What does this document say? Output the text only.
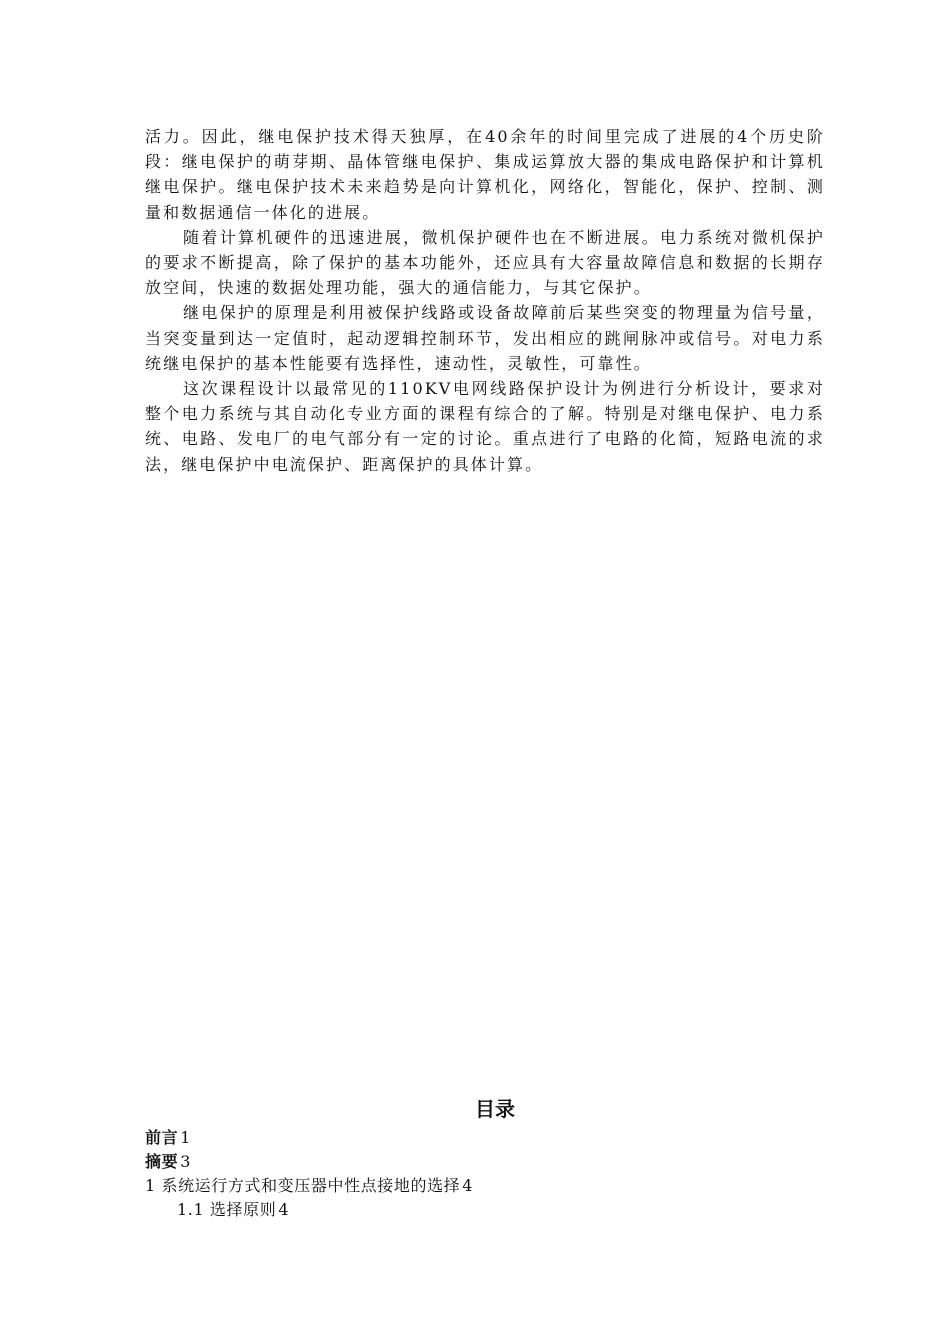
活力。因此，继电保护技术得天独厚，在40余年的时间里完成了进展的4个历史阶段：继电保护的萌芽期、晶体管继电保护、集成运算放大器的集成电路保护和计算机继电保护。继电保护技术未来趋势是向计算机化，网络化，智能化，保护、控制、测量和数据通信一体化的进展。

随着计算机硬件的迅速进展，微机保护硬件也在不断进展。电力系统对微机保护的要求不断提高，除了保护的基本功能外，还应具有大容量故障信息和数据的长期存放空间，快速的数据处理功能，强大的通信能力，与其它保护。

继电保护的原理是利用被保护线路或设备故障前后某些突变的物理量为信号量，当突变量到达一定值时，起动逻辑控制环节，发出相应的跳闸脉冲或信号。对电力系统继电保护的基本性能要有选择性，速动性，灵敏性，可靠性。

这次课程设计以最常见的110KV电网线路保护设计为例进行分析设计，要求对整个电力系统与其自动化专业方面的课程有综合的了解。特别是对继电保护、电力系统、电路、发电厂的电气部分有一定的讨论。重点进行了电路的化简，短路电流的求法，继电保护中电流保护、距离保护的具体计算。

目录

前言 1

摘要 3

1 系统运行方式和变压器中性点接地的选择 4

1.1 选择原则 4
